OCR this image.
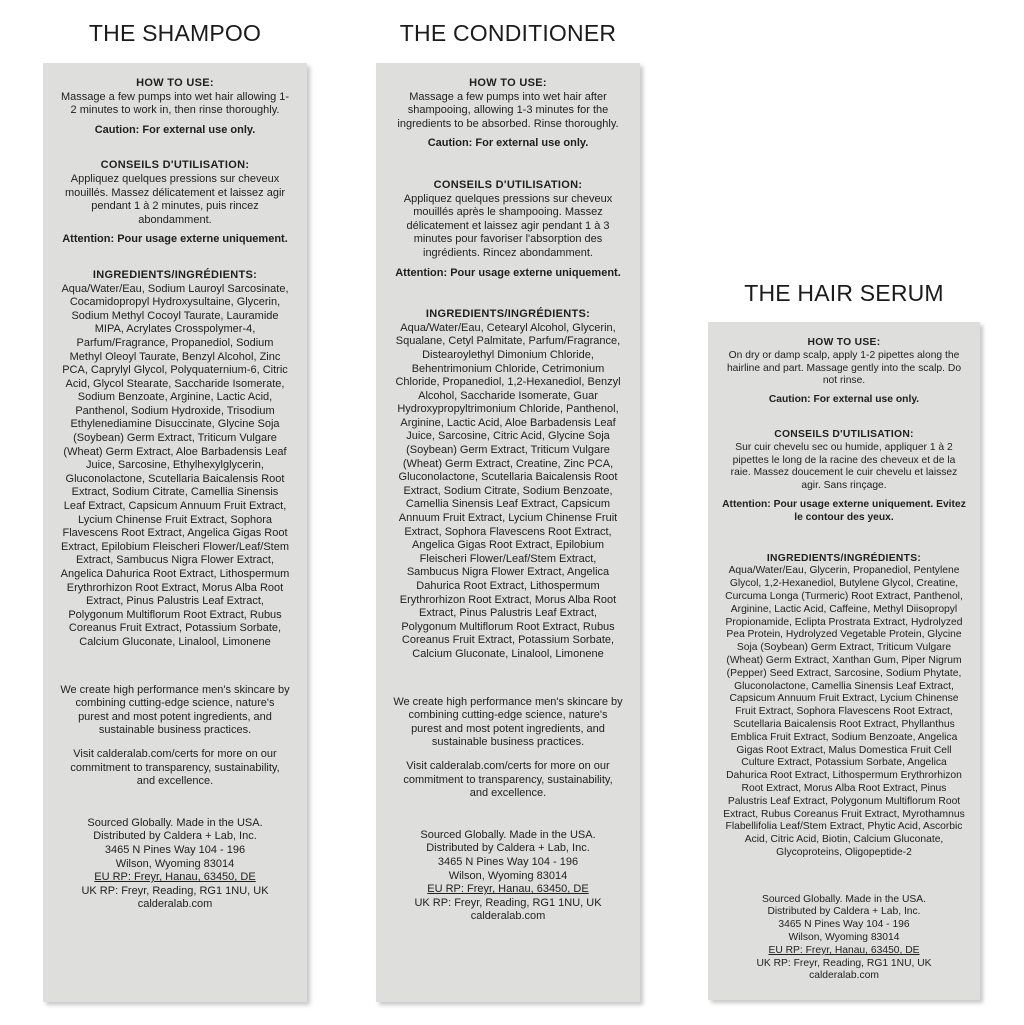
THE SHAMPOO

HOW TO USE:

Massage a few pumps into wet hair allowing 1-2 minutes to work in, then rinse thoroughly.

Caution: For external use only.

CONSEILS D'UTILISATION:

Appliquez quelques pressions sur cheveux mouillés. Massez délicatement et laissez agir pendant 1 à 2 minutes, puis rincez abondamment.

Attention: Pour usage externe uniquement.

INGREDIENTS/INGRÉDIENTS:

Aqua/Water/Eau, Sodium Lauroyl Sarcosinate, Cocamidopropyl Hydroxysultaine, Glycerin, Sodium Methyl Cocoyl Taurate, Lauramide MIPA, Acrylates Crosspolymer-4, Parfum/Fragrance, Propanediol, Sodium Methyl Oleoyl Taurate, Benzyl Alcohol, Zinc PCA, Caprylyl Glycol, Polyquaternium-6, Citric Acid, Glycol Stearate, Saccharide Isomerate, Sodium Benzoate, Arginine, Lactic Acid, Panthenol, Sodium Hydroxide, Trisodium Ethylenediamine Disuccinate, Glycine Soja (Soybean) Germ Extract, Triticum Vulgare (Wheat) Germ Extract, Aloe Barbadensis Leaf Juice, Sarcosine, Ethylhexylglycerin, Gluconolactone, Scutellaria Baicalensis Root Extract, Sodium Citrate, Camellia Sinensis Leaf Extract, Capsicum Annuum Fruit Extract, Lycium Chinense Fruit Extract, Sophora Flavescens Root Extract, Angelica Gigas Root Extract, Epilobium Fleischeri Flower/Leaf/Stem Extract, Sambucus Nigra Flower Extract, Angelica Dahurica Root Extract, Lithospermum Erythrorhizon Root Extract, Morus Alba Root Extract, Pinus Palustris Leaf Extract, Polygonum Multiflorum Root Extract, Rubus Coreanus Fruit Extract, Potassium Sorbate, Calcium Gluconate, Linalool, Limonene

We create high performance men's skincare by combining cutting-edge science, nature's purest and most potent ingredients, and sustainable business practices.

Visit calderalab.com/certs for more on our commitment to transparency, sustainability, and excellence.

Sourced Globally. Made in the USA.

Distributed by Caldera + Lab, Inc.

3465 N Pines Way 104 - 196

Wilson, Wyoming 83014

EU RP: Freyr, Hanau, 63450, DE

UK RP: Freyr, Reading, RG1 1NU, UK

calderalab.com

THE CONDITIONER

HOW TO USE:

Massage a few pumps into wet hair after shampooing, allowing 1-3 minutes for the ingredients to be absorbed. Rinse thoroughly.

Caution: For external use only.

CONSEILS D'UTILISATION:

Appliquez quelques pressions sur cheveux mouillés après le shampooing. Massez délicatement et laissez agir pendant 1 à 3 minutes pour favoriser l'absorption des ingrédients. Rincez abondamment.

Attention: Pour usage externe uniquement.

INGREDIENTS/INGRÉDIENTS:

Aqua/Water/Eau, Cetearyl Alcohol, Glycerin, Squalane, Cetyl Palmitate, Parfum/Fragrance, Distearoylethyl Dimonium Chloride, Behentrimonium Chloride, Cetrimonium Chloride, Propanediol, 1,2-Hexanediol, Benzyl Alcohol, Saccharide Isomerate, Guar Hydroxypropyltrimonium Chloride, Panthenol, Arginine, Lactic Acid, Aloe Barbadensis Leaf Juice, Sarcosine, Citric Acid, Glycine Soja (Soybean) Germ Extract, Triticum Vulgare (Wheat) Germ Extract, Creatine, Zinc PCA, Gluconolactone, Scutellaria Baicalensis Root Extract, Sodium Citrate, Sodium Benzoate, Camellia Sinensis Leaf Extract, Capsicum Annuum Fruit Extract, Lycium Chinense Fruit Extract, Sophora Flavescens Root Extract, Angelica Gigas Root Extract, Epilobium Fleischeri Flower/Leaf/Stem Extract, Sambucus Nigra Flower Extract, Angelica Dahurica Root Extract, Lithospermum Erythrorhizon Root Extract, Morus Alba Root Extract, Pinus Palustris Leaf Extract, Polygonum Multiflorum Root Extract, Rubus Coreanus Fruit Extract, Potassium Sorbate, Calcium Gluconate, Linalool, Limonene

We create high performance men's skincare by combining cutting-edge science, nature's purest and most potent ingredients, and sustainable business practices.

Visit calderalab.com/certs for more on our commitment to transparency, sustainability, and excellence.

Sourced Globally. Made in the USA.

Distributed by Caldera + Lab, Inc.

3465 N Pines Way 104 - 196

Wilson, Wyoming 83014

EU RP: Freyr, Hanau, 63450, DE

UK RP: Freyr, Reading, RG1 1NU, UK

calderalab.com

THE HAIR SERUM

HOW TO USE:

On dry or damp scalp, apply 1-2 pipettes along the hairline and part. Massage gently into the scalp. Do not rinse.

Caution: For external use only.

CONSEILS D'UTILISATION:

Sur cuir chevelu sec ou humide, appliquer 1 à 2 pipettes le long de la racine des cheveux et de la raie. Massez doucement le cuir chevelu et laissez agir. Sans rinçage.

Attention: Pour usage externe uniquement. Evitez le contour des yeux.

INGREDIENTS/INGRÉDIENTS:

Aqua/Water/Eau, Glycerin, Propanediol, Pentylene Glycol, 1,2-Hexanediol, Butylene Glycol, Creatine, Curcuma Longa (Turmeric) Root Extract, Panthenol, Arginine, Lactic Acid, Caffeine, Methyl Diisopropyl Propionamide, Eclipta Prostrata Extract, Hydrolyzed Pea Protein, Hydrolyzed Vegetable Protein, Glycine Soja (Soybean) Germ Extract, Triticum Vulgare (Wheat) Germ Extract, Xanthan Gum, Piper Nigrum (Pepper) Seed Extract, Sarcosine, Sodium Phytate, Gluconolactone, Camellia Sinensis Leaf Extract, Capsicum Annuum Fruit Extract, Lycium Chinense Fruit Extract, Sophora Flavescens Root Extract, Scutellaria Baicalensis Root Extract, Phyllanthus Emblica Fruit Extract, Sodium Benzoate, Angelica Gigas Root Extract, Malus Domestica Fruit Cell Culture Extract, Potassium Sorbate, Angelica Dahurica Root Extract, Lithospermum Erythrorhizon Root Extract, Morus Alba Root Extract, Pinus Palustris Leaf Extract, Polygonum Multiflorum Root Extract, Rubus Coreanus Fruit Extract, Myrothamnus Flabellifolia Leaf/Stem Extract, Phytic Acid, Ascorbic Acid, Citric Acid, Biotin, Calcium Gluconate, Glycoproteins, Oligopeptide-2

Sourced Globally. Made in the USA.

Distributed by Caldera + Lab, Inc.

3465 N Pines Way 104 - 196

Wilson, Wyoming 83014

EU RP: Freyr, Hanau, 63450, DE

UK RP: Freyr, Reading, RG1 1NU, UK

calderalab.com
